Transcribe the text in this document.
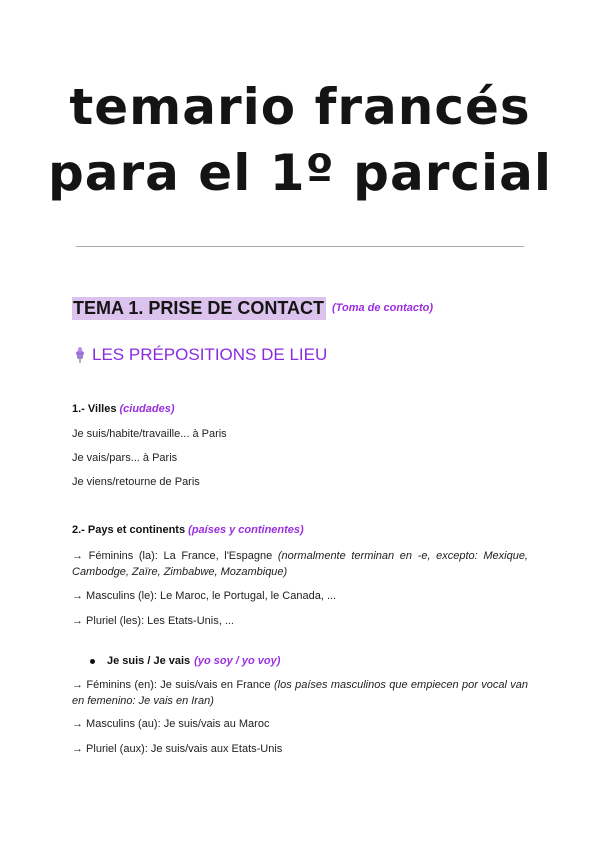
temario francés
para el 1º parcial
TEMA 1. PRISE DE CONTACT (Toma de contacto)
LES PRÉPOSITIONS DE LIEU
1.- Villes (ciudades)
Je suis/habite/travaille... à Paris
Je vais/pars... à Paris
Je viens/retourne de Paris
2.- Pays et continents (países y continentes)
→ Féminins (la): La France, l'Espagne (normalmente terminan en -e, excepto: Mexique, Cambodge, Zaïre, Zimbabwe, Mozambique)
→ Masculins (le): Le Maroc, le Portugal, le Canada, ...
→ Pluriel (les): Les Etats-Unis, ...
Je suis / Je vais (yo soy / yo voy)
→ Féminins (en): Je suis/vais en France (los países masculinos que empiecen por vocal van en femenino: Je vais en Iran)
→ Masculins (au): Je suis/vais au Maroc
→ Pluriel (aux): Je suis/vais aux Etats-Unis
